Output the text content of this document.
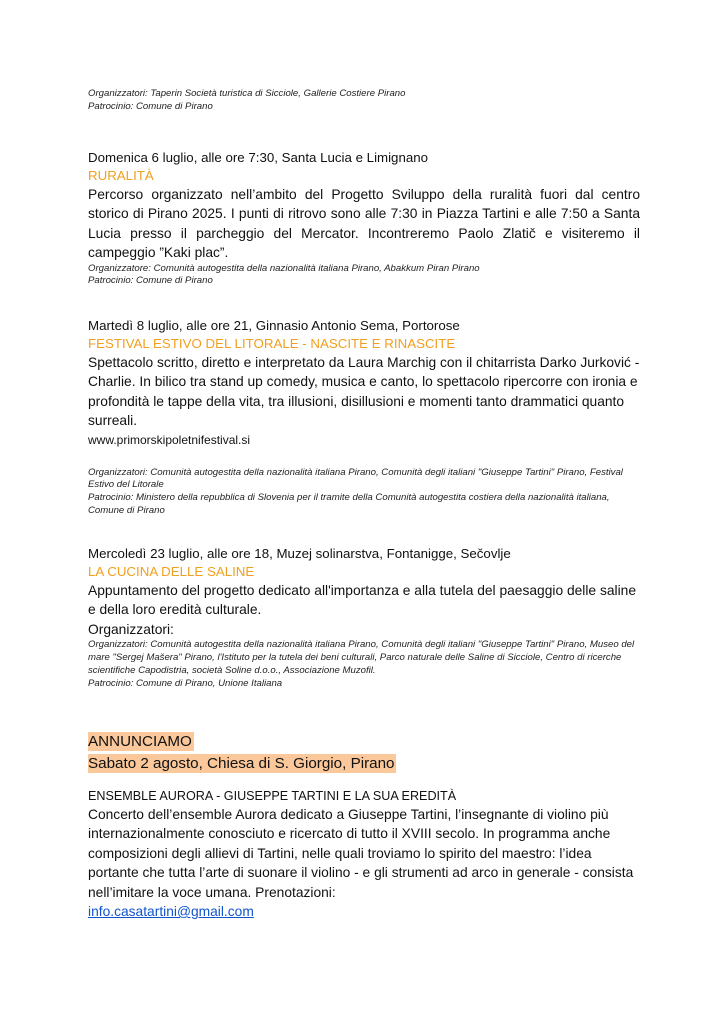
Organizzatori: Taperin Società turistica di Sicciole, Gallerie Costiere Pirano

Patrocinio: Comune di Pirano

Domenica 6 luglio, alle ore 7:30, Santa Lucia e Limignano

RURALITÀ

Percorso organizzato nell’ambito del Progetto Sviluppo della ruralità fuori dal centro storico di Pirano 2025. I punti di ritrovo sono alle 7:30 in Piazza Tartini e alle 7:50 a Santa Lucia presso il parcheggio del Mercator. Incontreremo Paolo Zlatič e visiteremo il campeggio ”Kaki plac”.

Organizzatore: Comunità autogestita della nazionalità italiana Pirano, Abakkum Piran Pirano

Patrocinio: Comune di Pirano

Martedì 8 luglio, alle ore 21, Ginnasio Antonio Sema, Portorose

FESTIVAL ESTIVO DEL LITORALE - NASCITE E RINASCITE

Spettacolo scritto, diretto e interpretato da Laura Marchig con il chitarrista Darko Jurković - Charlie. In bilico tra stand up comedy, musica e canto, lo spettacolo ripercorre con ironia e profondità le tappe della vita, tra illusioni, disillusioni e momenti tanto drammatici quanto surreali.

www.primorskipoletnifestival.si

Organizzatori: Comunità autogestita della nazionalità italiana Pirano, Comunità degli italiani "Giuseppe Tartini" Pirano, Festival Estivo del Litorale

Patrocinio: Ministero della repubblica di Slovenia per il tramite della Comunità autogestita costiera della nazionalità italiana, Comune di Pirano

Mercoledì 23 luglio, alle ore 18, Muzej solinarstva, Fontanigge, Sečovlje

LA CUCINA DELLE SALINE

Appuntamento del progetto dedicato all'importanza e alla tutela del paesaggio delle saline e della loro eredità culturale.

Organizzatori:

Organizzatori: Comunità autogestita della nazionalità italiana Pirano, Comunità degli italiani "Giuseppe Tartini" Pirano, Museo del mare "Sergej Mašera" Pirano, l'Istituto per la tutela dei beni culturali, Parco naturale delle Saline di Sicciole, Centro di ricerche scientifiche Capodistria, società Soline d.o.o., Associazione Muzofil.

Patrocinio: Comune di Pirano, Unione Italiana

ANNUNCIAMO
Sabato 2 agosto, Chiesa di S. Giorgio, Pirano

ENSEMBLE AURORA - GIUSEPPE TARTINI E LA SUA EREDITÀ

Concerto dell’ensemble Aurora dedicato a Giuseppe Tartini, l’insegnante di violino più internazionalmente conosciuto e ricercato di tutto il XVIII secolo. In programma anche composizioni degli allievi di Tartini, nelle quali troviamo lo spirito del maestro: l’idea portante che tutta l’arte di suonare il violino - e gli strumenti ad arco in generale - consista nell’imitare la voce umana. Prenotazioni:

info.casatartini@gmail.com
